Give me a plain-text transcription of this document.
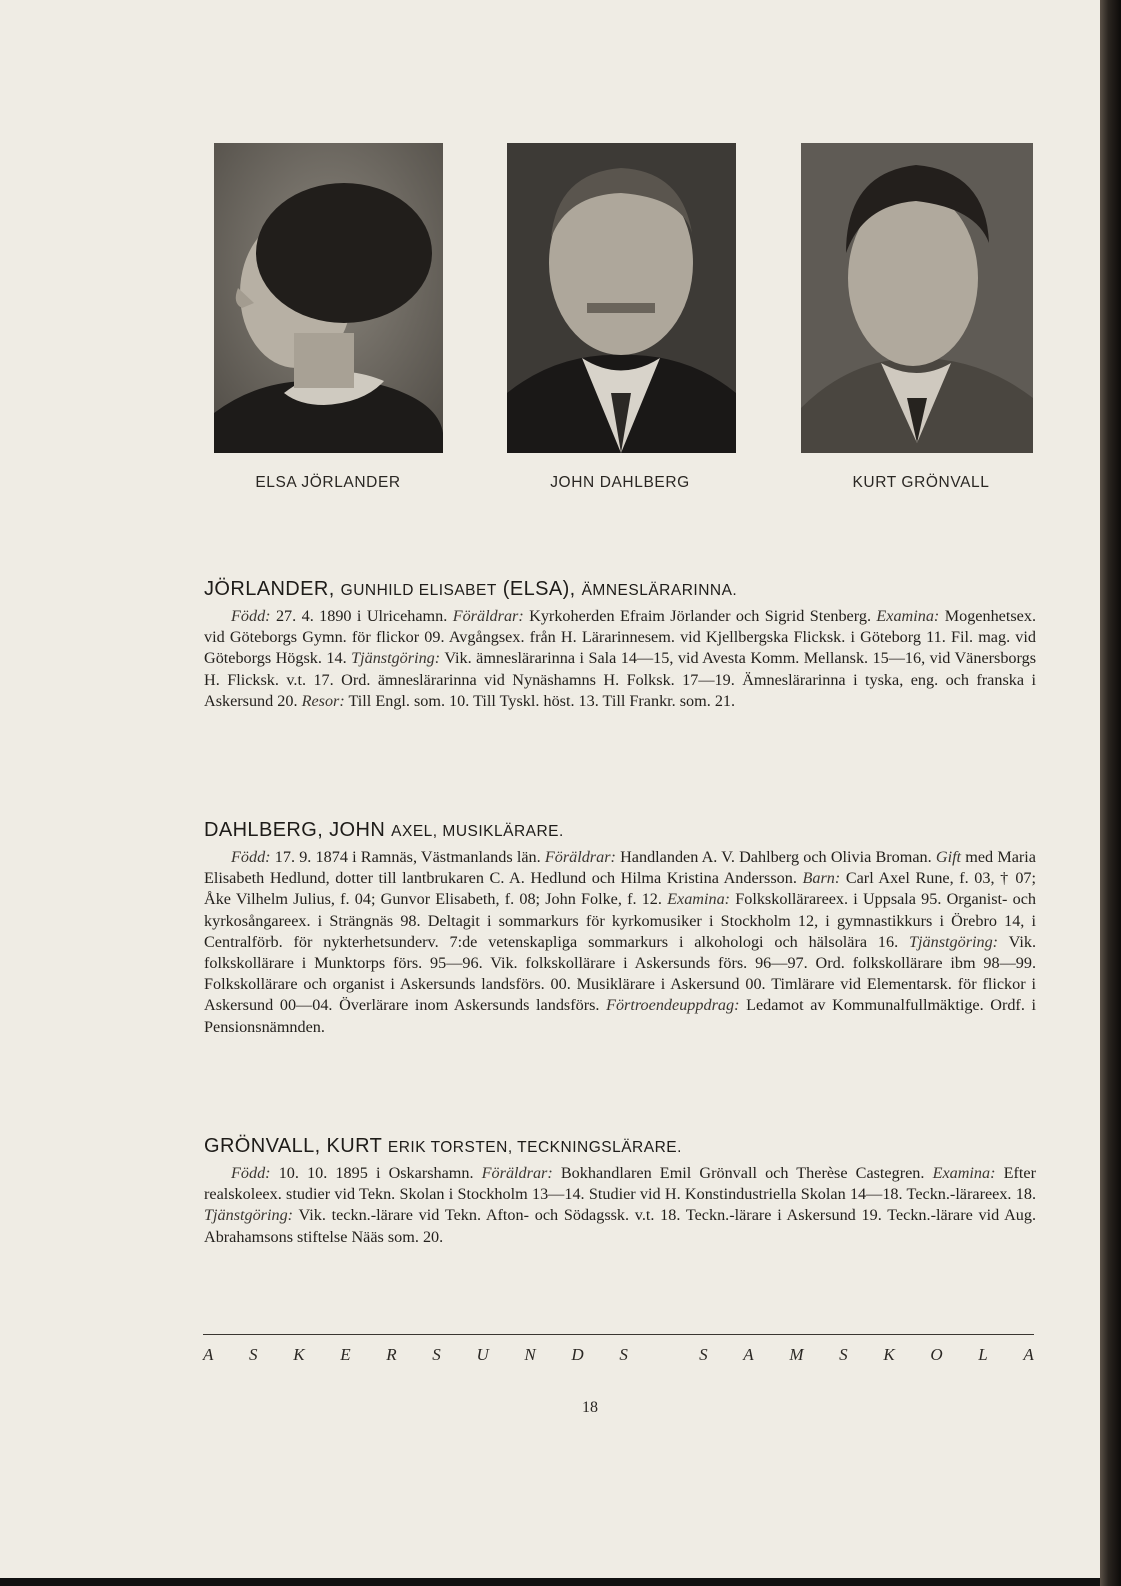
ELSA JÖRLANDER	JOHN DAHLBERG	KURT GRÖNVALL
JÖRLANDER, GUNHILD ELISABET (ELSA), ÄMNESLÄRARINNA.
Född: 27. 4. 1890 i Ulricehamn. Föräldrar: Kyrkoherden Efraim Jörlander och Sigrid Stenberg. Examina: Mogenhetsex. vid Göteborgs Gymn. för flickor 09. Avgångsex. från H. Lärarinnesem. vid Kjellbergska Flicksk. i Göteborg 11. Fil. mag. vid Göteborgs Högsk. 14. Tjänstgöring: Vik. ämneslärarinna i Sala 14—15, vid Avesta Komm. Mellansk. 15—16, vid Vänersborgs H. Flicksk. v.t. 17. Ord. ämneslärarinna vid Nynäshamns H. Folksk. 17—19. Ämneslärarinna i tyska, eng. och franska i Askersund 20. Resor: Till Engl. som. 10. Till Tyskl. höst. 13. Till Frankr. som. 21.
DAHLBERG, JOHN AXEL, MUSIKLÄRARE.
Född: 17. 9. 1874 i Ramnäs, Västmanlands län. Föräldrar: Handlanden A. V. Dahlberg och Olivia Broman. Gift med Maria Elisabeth Hedlund, dotter till lantbrukaren C. A. Hedlund och Hilma Kristina Andersson. Barn: Carl Axel Rune, f. 03, † 07; Åke Vilhelm Julius, f. 04; Gunvor Elisabeth, f. 08; John Folke, f. 12. Examina: Folkskollärareex. i Uppsala 95. Organist- och kyrkosångareex. i Strängnäs 98. Deltagit i sommarkurs för kyrkomusiker i Stockholm 12, i gymnastikkurs i Örebro 14, i Centralförb. för nykterhetsunderv. 7:de vetenskapliga sommarkurs i alkohologi och hälsolära 16. Tjänstgöring: Vik. folkskollärare i Munktorps förs. 95—96. Vik. folkskollärare i Askersunds förs. 96—97. Ord. folkskollärare ibm 98—99. Folkskollärare och organist i Askersunds landsförs. 00. Musiklärare i Askersund 00. Timlärare vid Elementarsk. för flickor i Askersund 00—04. Överlärare inom Askersunds landsförs. Förtroendeuppdrag: Ledamot av Kommunalfullmäktige. Ordf. i Pensionsnämnden.
GRÖNVALL, KURT ERIK TORSTEN, TECKNINGSLÄRARE.
Född: 10. 10. 1895 i Oskarshamn. Föräldrar: Bokhandlaren Emil Grönvall och Therèse Castegren. Examina: Efter realskoleex. studier vid Tekn. Skolan i Stockholm 13—14. Studier vid H. Konstindustriella Skolan 14—18. Teckn.-lärareex. 18. Tjänstgöring: Vik. teckn.-lärare vid Tekn. Afton- och Södagssk. v.t. 18. Teckn.-lärare i Askersund 19. Teckn.-lärare vid Aug. Abrahamsons stiftelse Nääs som. 20.
A S K E R S U N D S	S A M S K O L A
18
